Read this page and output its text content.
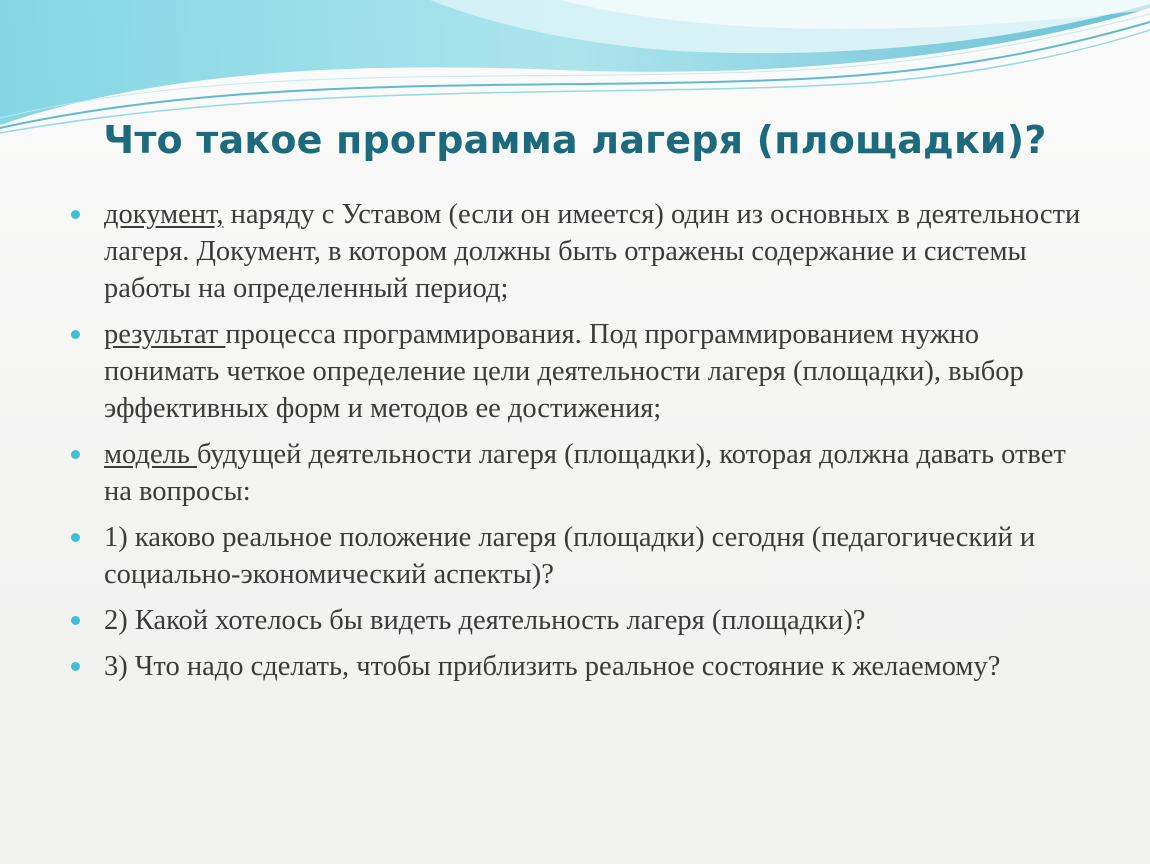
Что такое программа лагеря (площадки)?
документ, наряду с Уставом (если он имеется) один из основных в деятельности лагеря. Документ, в котором должны быть отражены содержание и системы работы на определенный период;
результат процесса программирования. Под программированием нужно понимать четкое определение цели деятельности лагеря (площадки), выбор эффективных форм и методов ее достижения;
модель будущей деятельности лагеря (площадки), которая должна давать ответ на вопросы:
1) каково реальное положение лагеря (площадки) сегодня (педагогический и социально-экономический аспекты)?
2) Какой хотелось бы видеть деятельность лагеря (площадки)?
3) Что надо сделать, чтобы приблизить реальное состояние к желаемому?
